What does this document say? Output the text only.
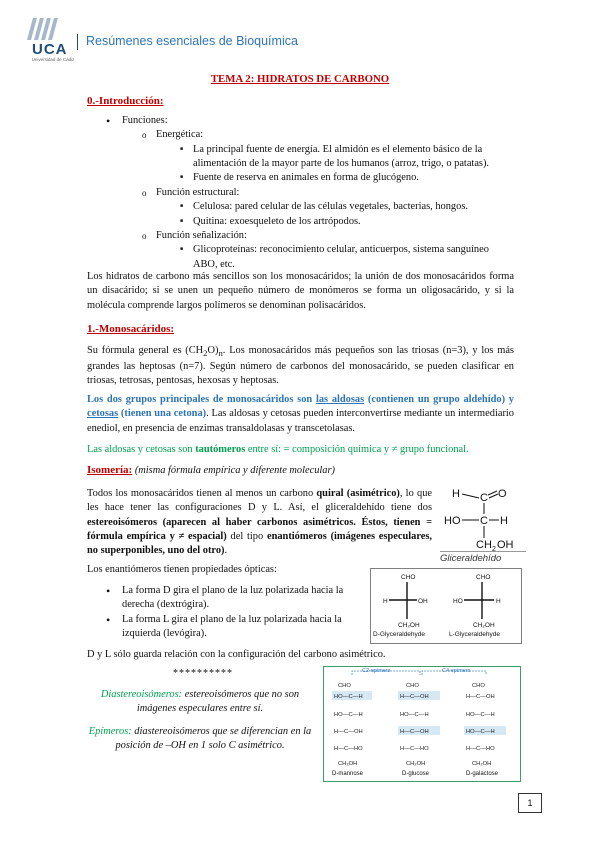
UCA
Universidad de Cádiz
Resúmenes esenciales de Bioquímica
TEMA 2: HIDRATOS DE CARBONO
0.-Introducción:
• Funciones:
o Energética:
■ La principal fuente de energía. El almidón es el elemento básico de la alimentación de la mayor parte de los humanos (arroz, trigo, o patatas).
■ Fuente de reserva en animales en forma de glucógeno.
o Función estructural:
■ Celulosa: pared celular de las células vegetales, bacterias, hongos.
■ Quitina: exoesqueleto de los artrópodos.
o Función señalización:
■ Glicoproteínas: reconocimiento celular, anticuerpos, sistema sanguíneo ABO, etc.
Los hidratos de carbono más sencillos son los monosacáridos; la unión de dos monosacáridos forma un disacárido; si se unen un pequeño número de monómeros se forma un oligosacárido, y si la molécula comprende largos polímeros se denominan polisacáridos.
1.-Monosacáridos:
Su fórmula general es $(CH_2O)_n$. Los monosacáridos más pequeños son las triosas (n=3), y los más grandes las heptosas (n=7). Según número de carbonos del monosacárido, se pueden clasificar en triosas, tetrosas, pentosas, hexosas y heptosas.
Los dos grupos principales de monosacáridos son las aldosas (contienen un grupo aldehído) y cetosas (tienen una cetona). Las aldosas y cetosas pueden interconvertirse mediante un intermediario enediol, en presencia de enzimas transaldolasas y transcetolasas.
Las aldosas y cetosas son tautómeros entre sí: = composición química y ≠ grupo funcional.
Isomería: (misma fórmula empírica y diferente molecular)
Todos los monosacáridos tienen al menos un carbono quiral (asimétrico), lo que les hace tener las configuraciones D y L. Así, el gliceraldehído tiene dos estereoisómeros (aparecen al haber carbonos asimétricos. Éstos, tienen = fórmula empírica y ≠ espacial) del tipo enantiómeros (imágenes especulares, no superponibles, uno del otro).
H C O
HO C H
CH 2 OH
Gliceraldehído
Los enantiómeros tienen propiedades ópticas:
• La forma D gira el plano de la luz polarizada hacia la derecha (dextrógira).
• La forma L gira el plano de la luz polarizada hacia la izquierda (levógira).
CHO
H	OH
CH₂OH
CHO
HO	H
CH₂OH
D-Glyceraldehyde	L-Glyceraldehyde
D y L sólo guarda relación con la configuración del carbono asimétrico.
**********
Diastereoisómeros: estereoisómeros que no son imágenes especulares entre sí.
Epímeros: diastereoisómeros que se diferencian en la posición de –OH en 1 solo C asimétrico.
CHO	CHO	CHO
HO—C—H	H—C—OH	H—C—OH
HO—C—H	HO—C—H	HO—C—H
H—C—OH	H—C—OH	HO—C—H
H—C—HO	H—C—HO	H—C—HO
CH₂OH	CH₂OH	CH₂OH
C2-epimers	C4-epimers
D-mannose	D-glucose	D-galactose
1
